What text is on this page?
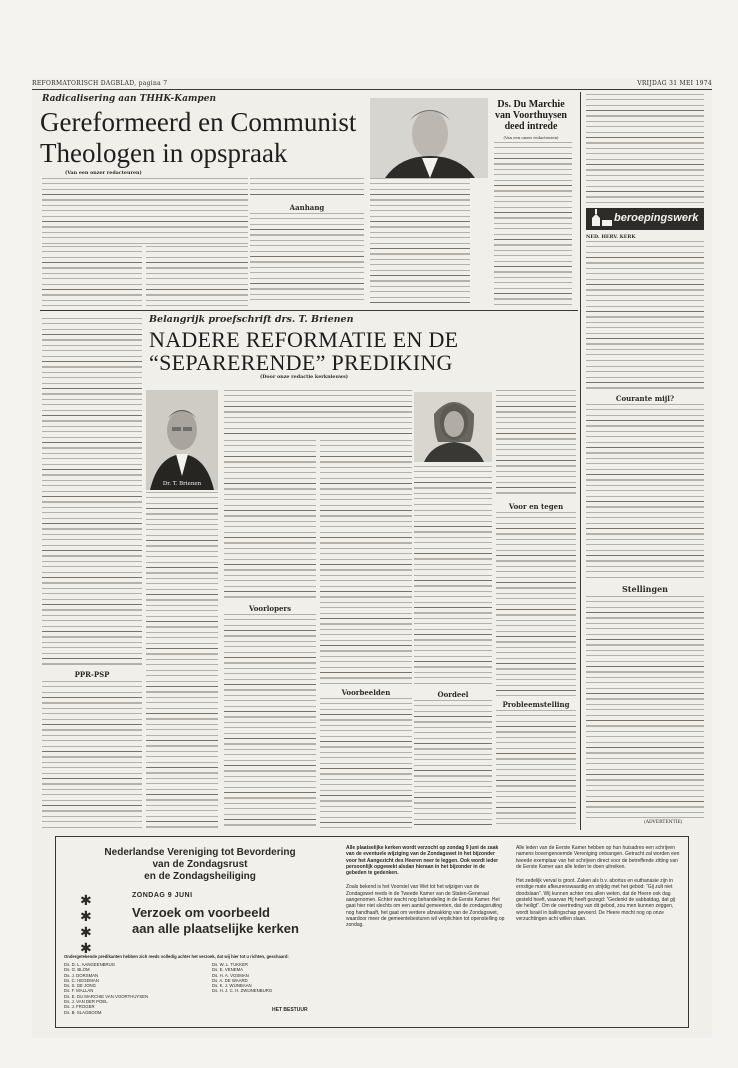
REFORMATORISCH DAGBLAD, pagina 7	VRIJDAG 31 MEI 1974
Radicalisering aan THHK-Kampen
Gereformeerd en Communist
Theologen in opspraak
(Van een onzer redacteuren)
Aanhang
PPR-PSP
Ds. Du Marchie
van Voorthuysen
deed intrede
(Van een onzer redacteuren)
Belangrijk proefschrift drs. T. Brienen
NADERE REFORMATIE EN DE
“SEPARERENDE” PREDIKING
(Door onze redactie kerknieuws)
Dr. T. Brienen
Voorlopers
Voorbeelden	Oordeel
Voor en tegen
Probleemstelling
beroepingswerk
NED. HERV. KERK
Courante mijl?
Stellingen
(ADVERTENTIE)
Nederlandse Vereniging tot Bevordering
van de Zondagsrust
en de Zondagsheiliging
✱
✱
✱
✱
ZONDAG 9 JUNI
Verzoek om voorbeeld
aan alle plaatselijke kerken
Ondergetekende predikanten hebben zich reeds volledig achter het verzoek, dat wij hier tot u richten, geschaard:
Ds. D. L. AANGEENBRUG
Ds. G. BLOM
Ds. J. DORSMAN
Ds. C. HEGEMAN
Ds. S. DE JONG
Ds. F. MALLAN
Ds. E. DU MARCHIE VAN VOORTHUYSEN
Ds. J. VAN DER POEL
Ds. J. FROGER
Ds. B. SLAGBOOM
Ds. W. L. TUKKER
Ds. E. VENEMA
Ds. H. A. VOSMAN
Ds. A. DE WAARD
Ds. K. J. WIJNBAAN
Ds. H. J. C. H. ZWIJNENBURG
HET BESTUUR
Alle plaatselijke kerken wordt verzocht op zondag 9 juni de zaak van de eventuele wijziging van de Zondagswet in het bijzonder voor het Aangezicht des Heeren neer te leggen. Ook wordt ieder persoonlijk opgewekt alsdan hieraan in het bijzonder in de gebeden te gedenken.
Zoals bekend is het Voorstel van Wet tot het wijzigen van de Zondagswet reeds in de Tweede Kamer van de Staten-Generaal aangenomen. Echter wacht nog behandeling in de Eerste Kamer. Het gaat hier niet slechts om een aantal gemeenten, dat de zondagsruiting nog handhaaft, het gaat om verdere afzwakking van de Zondagswet, waardoor meer de gemeentebesturen wil verplichten tot openstelling op zondag.
Alle leden van de Eerste Kamer hebben op hun huisadres een schrijven namens bovengenoemde Vereniging ontvangen. Getracht zal worden een tweede exemplaar van het schrijven direct voor de betreffende zitting van de Eerste Kamer aan alle leden te doen uitreiken.
Het zedelijk verval is groot. Zaken als b.v. abortus en euthanasie zijn in ernstige mate afkeurenswaardig en strijdig met het gebod: “Gij zult niet doodslaan”. Wij kunnen achter ons allen weten, dat de Heere ook dag gesteld heeft, waarvan Hij heeft gezegd: “Gedenkt de sabbatdag, dat gij die heiligt”. Om de overtreding van dit gebod, zou men kunnen zeggen, wordt Israël in ballingschap gevoerd. De Heere mocht nog op onze verzuchtingen acht willen slaan.
